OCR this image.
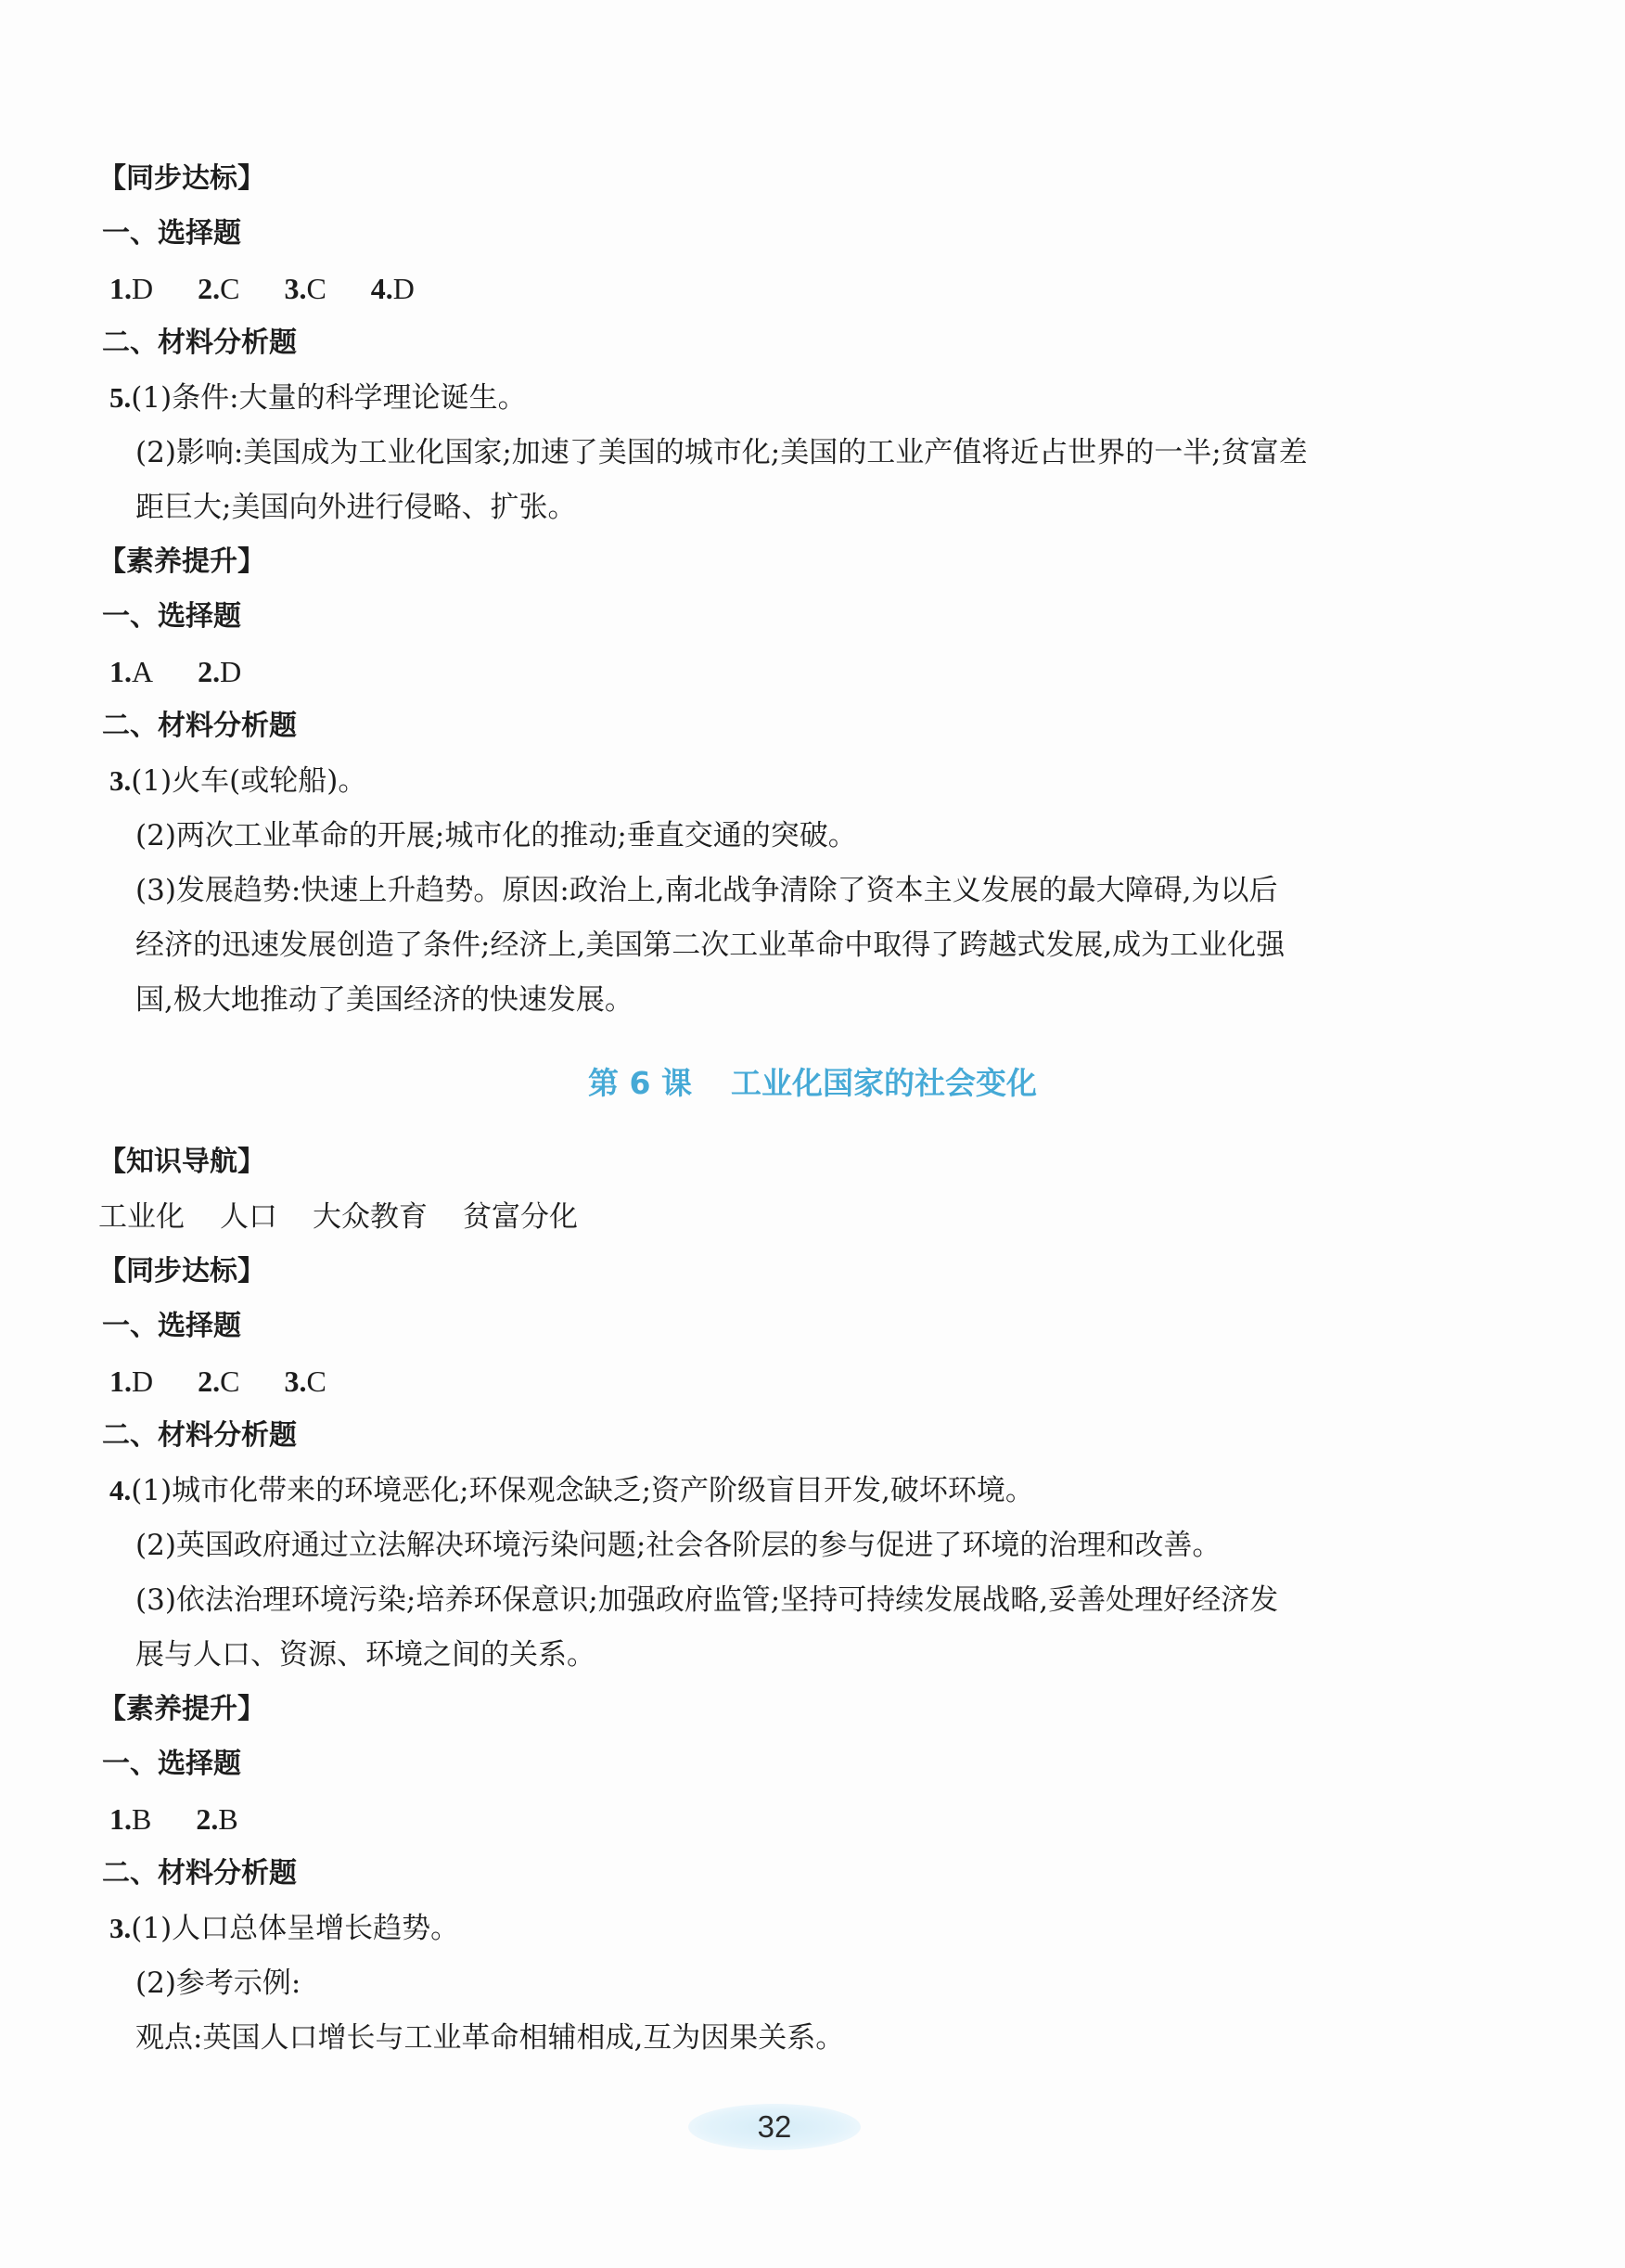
【同步达标】
一、选择题
1.D 2.C 3.C 4.D
二、材料分析题
5.(1)条件:大量的科学理论诞生。
(2)影响:美国成为工业化国家;加速了美国的城市化;美国的工业产值将近占世界的一半;贫富差
距巨大;美国向外进行侵略、扩张。
【素养提升】
一、选择题
1.A 2.D
二、材料分析题
3.(1)火车(或轮船)。
(2)两次工业革命的开展;城市化的推动;垂直交通的突破。
(3)发展趋势:快速上升趋势。原因:政治上,南北战争清除了资本主义发展的最大障碍,为以后
经济的迅速发展创造了条件;经济上,美国第二次工业革命中取得了跨越式发展,成为工业化强
国,极大地推动了美国经济的快速发展。
第 6 课 工业化国家的社会变化
【知识导航】
工业化 人口 大众教育 贫富分化
【同步达标】
一、选择题
1.D 2.C 3.C
二、材料分析题
4.(1)城市化带来的环境恶化;环保观念缺乏;资产阶级盲目开发,破坏环境。
(2)英国政府通过立法解决环境污染问题;社会各阶层的参与促进了环境的治理和改善。
(3)依法治理环境污染;培养环保意识;加强政府监管;坚持可持续发展战略,妥善处理好经济发
展与人口、资源、环境之间的关系。
【素养提升】
一、选择题
1.B 2.B
二、材料分析题
3.(1)人口总体呈增长趋势。
(2)参考示例:
观点:英国人口增长与工业革命相辅相成,互为因果关系。
32
